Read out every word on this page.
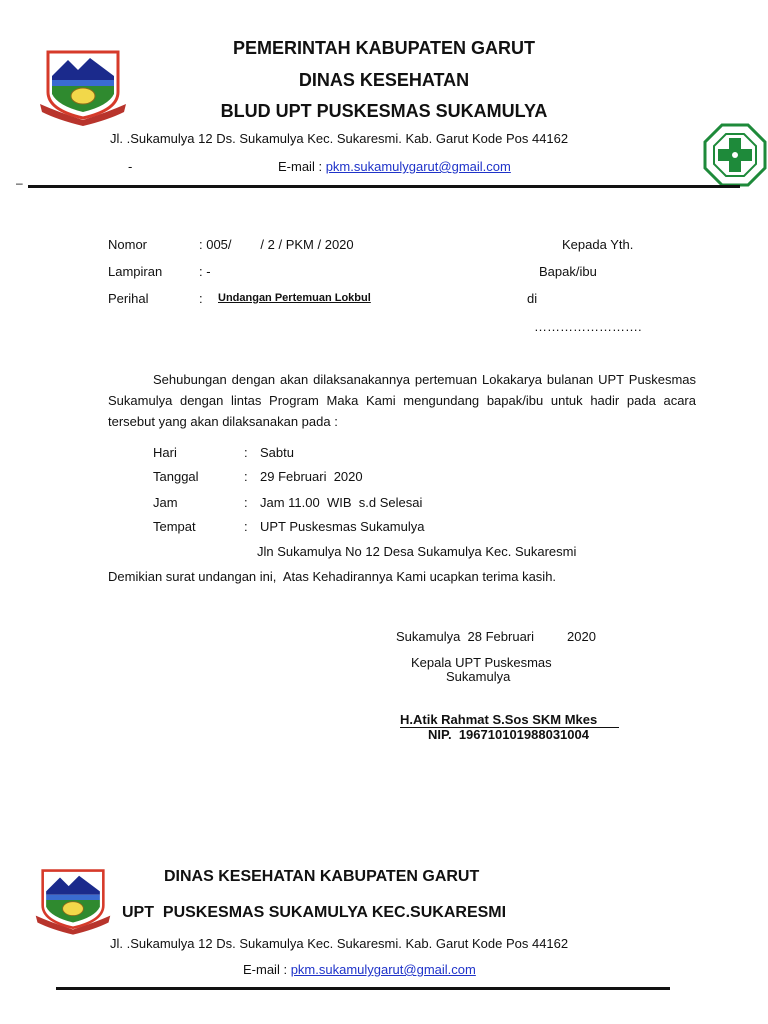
PEMERINTAH KABUPATEN GARUT
DINAS KESEHATAN
BLUD UPT PUSKESMAS SUKAMULYA
Jl. .Sukamulya 12 Ds. Sukamulya Kec. Sukaresmi. Kab. Garut Kode Pos 44162
-	E-mail : pkm.sukamulygarut@gmail.com
–
Nomor	: 005/        / 2 / PKM / 2020
Lampiran	: -
Perihal	: Undangan Pertemuan Lokbul
Kepada Yth.
Bapak/ibu
di
…………………….
Sehubungan dengan akan dilaksanakannya pertemuan Lokakarya bulanan UPT Puskesmas Sukamulya dengan lintas Program Maka Kami mengundang bapak/ibu untuk hadir pada acara tersebut yang akan dilaksanakan pada :
Hari	: Sabtu
Tanggal	: 29 Februari  2020
Jam	: Jam 11.00  WIB  s.d Selesai
Tempat	: UPT Puskesmas Sukamulya
Jln Sukamulya No 12 Desa Sukamulya Kec. Sukaresmi
Demikian surat undangan ini,  Atas Kehadirannya Kami ucapkan terima kasih.
Sukamulya  28 Februari	2020
Kepala UPT Puskesmas
Sukamulya
H.Atik Rahmat S.Sos SKM Mkes
NIP.  196710101988031004
DINAS KESEHATAN KABUPATEN GARUT
UPT  PUSKESMAS SUKAMULYA KEC.SUKARESMI
Jl. .Sukamulya 12 Ds. Sukamulya Kec. Sukaresmi. Kab. Garut Kode Pos 44162
E-mail : pkm.sukamulygarut@gmail.com
